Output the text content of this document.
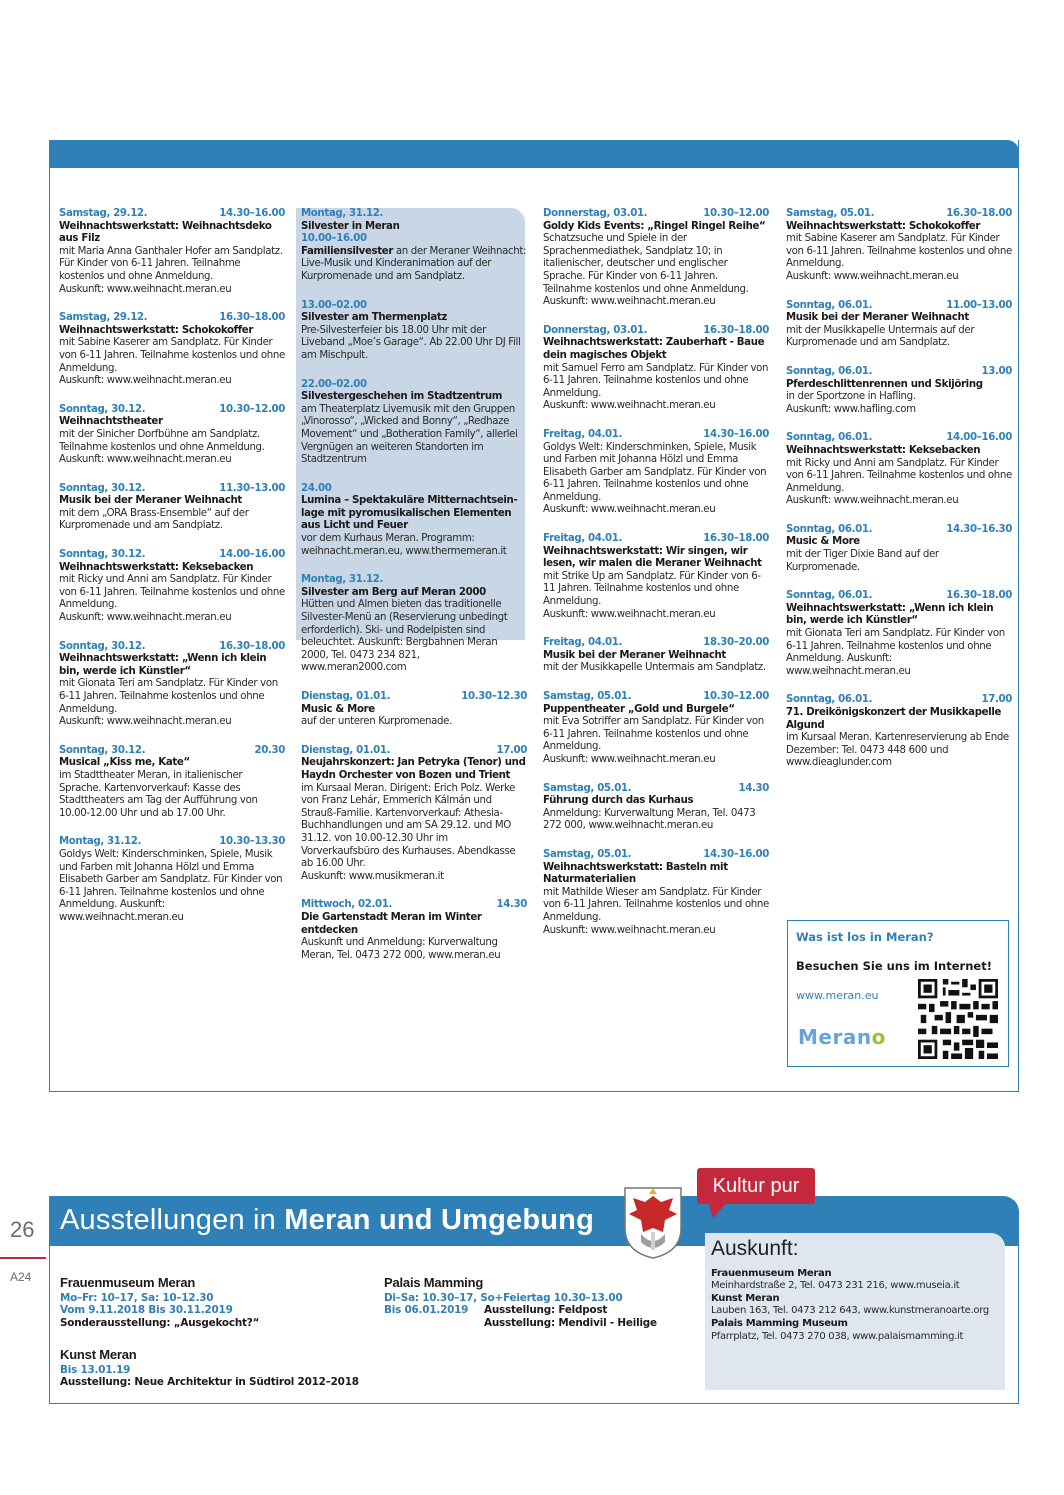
Samstag, 29.12.	14.30–16.00
Weihnachtswerkstatt: Weihnachtsdeko aus Filz
mit Maria Anna Ganthaler Hofer am Sandplatz. Für Kinder von 6-11 Jahren. Teilnahme kostenlos und ohne Anmeldung.
Auskunft: www.weihnacht.meran.eu
Samstag, 29.12.	16.30–18.00
Weihnachtswerkstatt: Schokokoffer
mit Sabine Kaserer am Sandplatz. Für Kinder von 6-11 Jahren. Teilnahme kostenlos und ohne Anmeldung.
Auskunft: www.weihnacht.meran.eu
Sonntag, 30.12.	10.30–12.00
Weihnachtstheater
mit der Sinicher Dorfbühne am Sandplatz. Teilnahme kostenlos und ohne Anmeldung.
Auskunft: www.weihnacht.meran.eu
Sonntag, 30.12.	11.30–13.00
Musik bei der Meraner Weihnacht
mit dem „ORA Brass-Ensemble“ auf der Kurpromenade und am Sandplatz.
Sonntag, 30.12.	14.00–16.00
Weihnachtswerkstatt: Keksebacken
mit Ricky und Anni am Sandplatz. Für Kinder von 6-11 Jahren. Teilnahme kostenlos und ohne Anmeldung.
Auskunft: www.weihnacht.meran.eu
Sonntag, 30.12.	16.30–18.00
Weihnachtswerkstatt: „Wenn ich klein bin, werde ich Künstler“
mit Gionata Teri am Sandplatz. Für Kinder von 6-11 Jahren. Teilnahme kostenlos und ohne Anmeldung.
Auskunft: www.weihnacht.meran.eu
Sonntag, 30.12.	20.30
Musical „Kiss me, Kate“
im Stadttheater Meran, in italienischer Sprache. Kartenvorverkauf: Kasse des Stadttheaters am Tag der Aufführung von 10.00-12.00 Uhr und ab 17.00 Uhr.
Montag, 31.12.	10.30–13.30
Goldys Welt: Kinderschminken, Spiele, Musik und Farben mit Johanna Hölzl und Emma Elisabeth Garber am Sandplatz. Für Kinder von 6-11 Jahren. Teilnahme kostenlos und ohne Anmeldung. Auskunft: www.weihnacht.meran.eu
Montag, 31.12.
Silvester in Meran
10.00–16.00
Familiensilvester an der Meraner Weihnacht: Live-Musik und Kinderanimation auf der Kurpromenade und am Sandplatz.
13.00–02.00
Silvester am Thermenplatz
Pre-Silvesterfeier bis 18.00 Uhr mit der Liveband „Moe’s Garage“. Ab 22.00 Uhr DJ Fill am Mischpult.
22.00–02.00
Silvestergeschehen im Stadtzentrum
am Theaterplatz Livemusik mit den Gruppen „Vinorosso“, „Wicked and Bonny“, „Redhaze Movement“ und „Botheration Family“, allerlei Vergnügen an weiteren Standorten im Stadtzentrum
24.00
Lumina – Spektakuläre Mitternachtseinlage mit pyromusikalischen Elementen aus Licht und Feuer
vor dem Kurhaus Meran. Programm: weihnacht.meran.eu, www.thermemeran.it
Montag, 31.12.
Silvester am Berg auf Meran 2000
Hütten und Almen bieten das traditionelle Silvester-Menü an (Reservierung unbedingt erforderlich). Ski- und Rodelpisten sind beleuchtet. Auskunft: Bergbahnen Meran 2000, Tel. 0473 234 821, www.meran2000.com
Dienstag, 01.01.	10.30–12.30
Music & More
auf der unteren Kurpromenade.
Dienstag, 01.01.	17.00
Neujahrskonzert: Jan Petryka (Tenor) und Haydn Orchester von Bozen und Trient
im Kursaal Meran. Dirigent: Erich Polz. Werke von Franz Lehár, Emmerich Kálmán und Strauß-Familie. Kartenvorverkauf: Athesia-Buchhandlungen und am SA 29.12. und MO 31.12. von 10.00-12.30 Uhr im Vorverkaufsbüro des Kurhauses. Abendkasse ab 16.00 Uhr.
Auskunft: www.musikmeran.it
Mittwoch, 02.01.	14.30
Die Gartenstadt Meran im Winter entdecken
Auskunft und Anmeldung: Kurverwaltung Meran, Tel. 0473 272 000, www.meran.eu
Donnerstag, 03.01.	10.30–12.00
Goldy Kids Events: „Ringel Ringel Reihe“
Schatzsuche und Spiele in der Sprachenmediathek, Sandplatz 10; in italienischer, deutscher und englischer Sprache. Für Kinder von 6-11 Jahren. Teilnahme kostenlos und ohne Anmeldung.
Auskunft: www.weihnacht.meran.eu
Donnerstag, 03.01.	16.30–18.00
Weihnachtswerkstatt: Zauberhaft - Baue dein magisches Objekt
mit Samuel Ferro am Sandplatz. Für Kinder von 6-11 Jahren. Teilnahme kostenlos und ohne Anmeldung.
Auskunft: www.weihnacht.meran.eu
Freitag, 04.01.	14.30–16.00
Goldys Welt: Kinderschminken, Spiele, Musik und Farben mit Johanna Hölzl und Emma Elisabeth Garber am Sandplatz. Für Kinder von 6-11 Jahren. Teilnahme kostenlos und ohne Anmeldung.
Auskunft: www.weihnacht.meran.eu
Freitag, 04.01.	16.30–18.00
Weihnachtswerkstatt: Wir singen, wir lesen, wir malen die Meraner Weihnacht
mit Strike Up am Sandplatz. Für Kinder von 6-11 Jahren. Teilnahme kostenlos und ohne Anmeldung.
Auskunft: www.weihnacht.meran.eu
Freitag, 04.01.	18.30–20.00
Musik bei der Meraner Weihnacht
mit der Musikkapelle Untermais am Sandplatz.
Samstag, 05.01.	10.30–12.00
Puppentheater „Gold und Burgele“
mit Eva Sotriffer am Sandplatz. Für Kinder von 6-11 Jahren. Teilnahme kostenlos und ohne Anmeldung.
Auskunft: www.weihnacht.meran.eu
Samstag, 05.01.	14.30
Führung durch das Kurhaus
Anmeldung: Kurverwaltung Meran, Tel. 0473 272 000, www.weihnacht.meran.eu
Samstag, 05.01.	14.30–16.00
Weihnachtswerkstatt: Basteln mit Naturmaterialien
mit Mathilde Wieser am Sandplatz. Für Kinder von 6-11 Jahren. Teilnahme kostenlos und ohne Anmeldung.
Auskunft: www.weihnacht.meran.eu
Samstag, 05.01.	16.30–18.00
Weihnachtswerkstatt: Schokokoffer
mit Sabine Kaserer am Sandplatz. Für Kinder von 6-11 Jahren. Teilnahme kostenlos und ohne Anmeldung.
Auskunft: www.weihnacht.meran.eu
Sonntag, 06.01.	11.00–13.00
Musik bei der Meraner Weihnacht
mit der Musikkapelle Untermais auf der Kurpromenade und am Sandplatz.
Sonntag, 06.01.	13.00
Pferdeschlittenrennen und Skijöring
in der Sportzone in Hafling.
Auskunft: www.hafling.com
Sonntag, 06.01.	14.00–16.00
Weihnachtswerkstatt: Keksebacken
mit Ricky und Anni am Sandplatz. Für Kinder von 6-11 Jahren. Teilnahme kostenlos und ohne Anmeldung.
Auskunft: www.weihnacht.meran.eu
Sonntag, 06.01.	14.30–16.30
Music & More
mit der Tiger Dixie Band auf der Kurpromenade.
Sonntag, 06.01.	16.30–18.00
Weihnachtswerkstatt: „Wenn ich klein bin, werde ich Künstler“
mit Gionata Teri am Sandplatz. Für Kinder von 6-11 Jahren. Teilnahme kostenlos und ohne Anmeldung. Auskunft: www.weihnacht.meran.eu
Sonntag, 06.01.	17.00
71. Dreikönigskonzert der Musikkapelle Algund
im Kursaal Meran. Kartenreservierung ab Ende Dezember: Tel. 0473 448 600 und www.dieaglunder.com
Was ist los in Meran?
Besuchen Sie uns im Internet!
www.meran.eu
Merano
26
A24
Ausstellungen in Meran und Umgebung
Kultur pur
Auskunft:
Frauenmuseum Meran
Meinhardstraße 2, Tel. 0473 231 216, www.museia.it
Kunst Meran
Lauben 163, Tel. 0473 212 643, www.kunstmeranoarte.org
Palais Mamming Museum
Pfarrplatz, Tel. 0473 270 038, www.palaismamming.it
Frauenmuseum Meran
Mo–Fr: 10–17, Sa: 10–12.30
Vom 9.11.2018 Bis 30.11.2019
Sonderausstellung: „Ausgekocht?“
Kunst Meran
Bis 13.01.19
Ausstellung: Neue Architektur in Südtirol 2012–2018
Palais Mamming
Di–Sa: 10.30–17, So+Feiertag 10.30–13.00
Bis 06.01.2019	Ausstellung: Feldpost
Ausstellung: Mendivil - Heilige
